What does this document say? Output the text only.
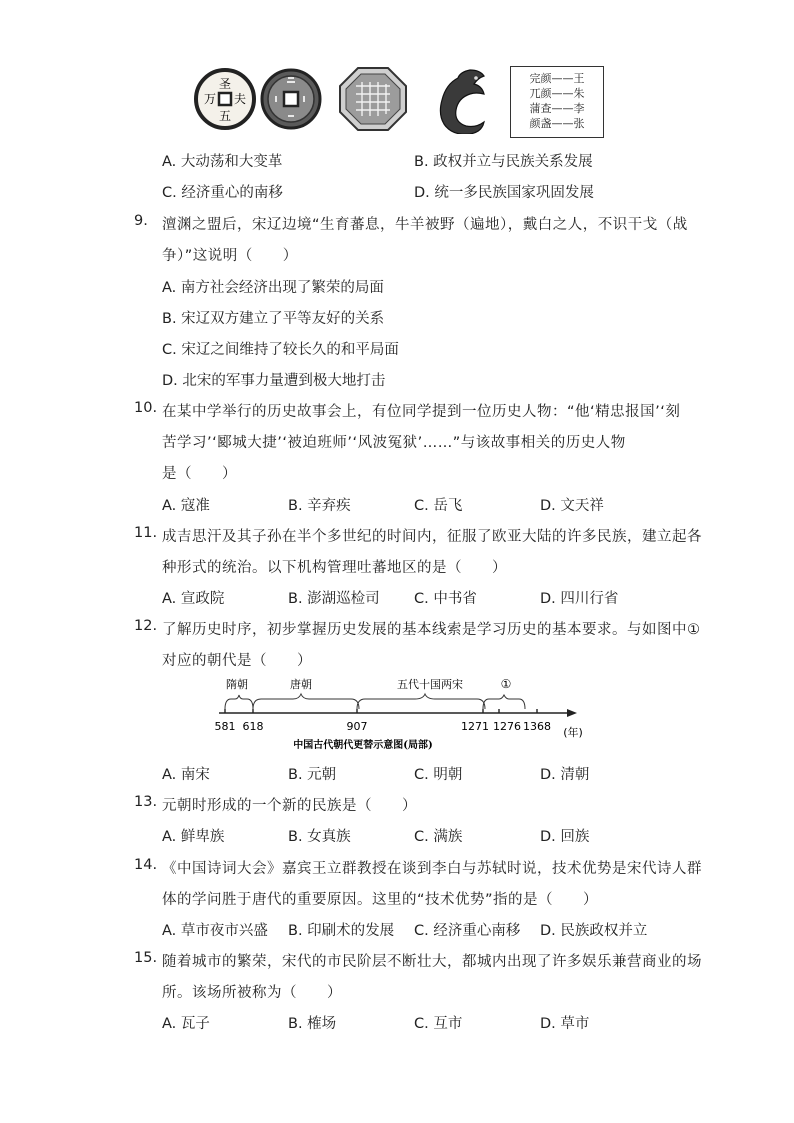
圣
夫
万
五
完颜——王
兀颜——朱
蒲查——李
颜盏——张
A. 大动荡和大变革	B. 政权并立与民族关系发展
C. 经济重心的南移	D. 统一多民族国家巩固发展
9. 澶渊之盟后，宋辽边境“生育蕃息，牛羊被野（遍地），戴白之人，不识干戈（战
争）”这说明（　　）
A. 南方社会经济出现了繁荣的局面
B. 宋辽双方建立了平等友好的关系
C. 宋辽之间维持了较长久的和平局面
D. 北宋的军事力量遭到极大地打击
10. 在某中学举行的历史故事会上，有位同学提到一位历史人物：“他‘精忠报国’‘刻
苦学习’‘郾城大捷’‘被迫班师’‘风波冤狱’……”与该故事相关的历史人物
是（　　）
A. 寇准	B. 辛弃疾	C. 岳飞	D. 文天祥
11. 成吉思汗及其子孙在半个多世纪的时间内，征服了欧亚大陆的许多民族，建立起各
种形式的统治。以下机构管理吐蕃地区的是（　　）
A. 宣政院	B. 澎湖巡检司 C. 中书省	D. 四川行省
12. 了解历史时序，初步掌握历史发展的基本线索是学习历史的基本要求。与如图中①
对应的朝代是（　　）
隋朝	唐朝	五代十国两宋	①
581 618	907	1271 1276 1368 (年)
中国古代朝代更替示意图(局部)
A. 南宋	B. 元朝	C. 明朝	D. 清朝
13. 元朝时形成的一个新的民族是（　　）
A. 鲜卑族	B. 女真族	C. 满族	D. 回族
14. 《中国诗词大会》嘉宾王立群教授在谈到李白与苏轼时说，技术优势是宋代诗人群
体的学问胜于唐代的重要原因。这里的“技术优势”指的是（　　）
A. 草市夜市兴盛 B. 印刷术的发展 C. 经济重心南移 D. 民族政权并立
15. 随着城市的繁荣，宋代的市民阶层不断壮大，都城内出现了许多娱乐兼营商业的场
所。该场所被称为（　　）
A. 瓦子	B. 榷场	C. 互市	D. 草市
